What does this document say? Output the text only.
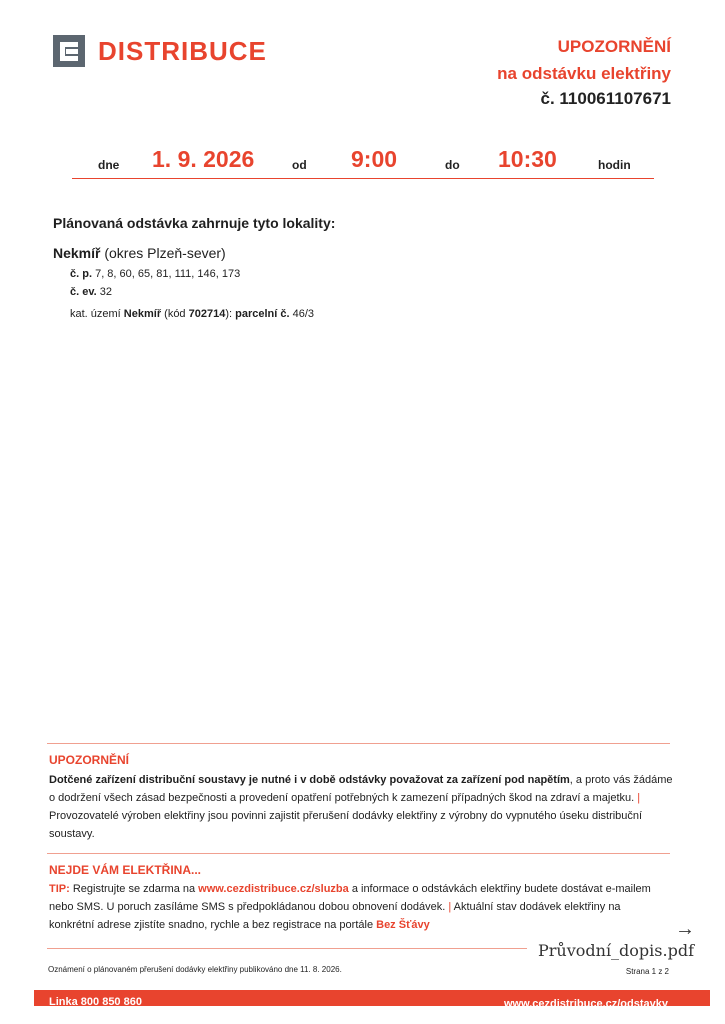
DISTRIBUCE	UPOZORNĚNÍ
na odstávku elektřiny
č. 110061107671
dne 1. 9. 2026	od 9:00	do 10:30	hodin
Plánovaná odstávka zahrnuje tyto lokality:
Nekmíř (okres Plzeň-sever)
č. p. 7, 8, 60, 65, 81, 111, 146, 173
č. ev. 32
kat. území Nekmíř (kód 702714): parcelní č. 46/3
UPOZORNĚNÍ
Dotčené zařízení distribuční soustavy je nutné i v době odstávky považovat za zařízení pod napětím, a proto vás žádáme o dodržení všech zásad bezpečnosti a provedení opatření potřebných k zamezení případných škod na zdraví a majetku. | Provozovatelé výroben elektřiny jsou povinni zajistit přerušení dodávky elektřiny z výrobny do vypnutého úseku distribuční soustavy.
NEJDE VÁM ELEKTŘINA...
TIP: Registrujte se zdarma na www.cezdistribuce.cz/sluzba a informace o odstávkách elektřiny budete dostávat e-mailem nebo SMS. U poruch zasíláme SMS s předpokládanou dobou obnovení dodávek. | Aktuální stav dodávek elektřiny na konkrétní adrese zjistíte snadno, rychle a bez registrace na portále Bez Šťávy	→
Průvodní_dopis.pdf
Oznámení o plánovaném přerušení dodávky elektřiny publikováno dne 11. 8. 2026.	Strana 1 z 2
Linka 800 850 860	www.cezdistribuce.cz/odstavky
